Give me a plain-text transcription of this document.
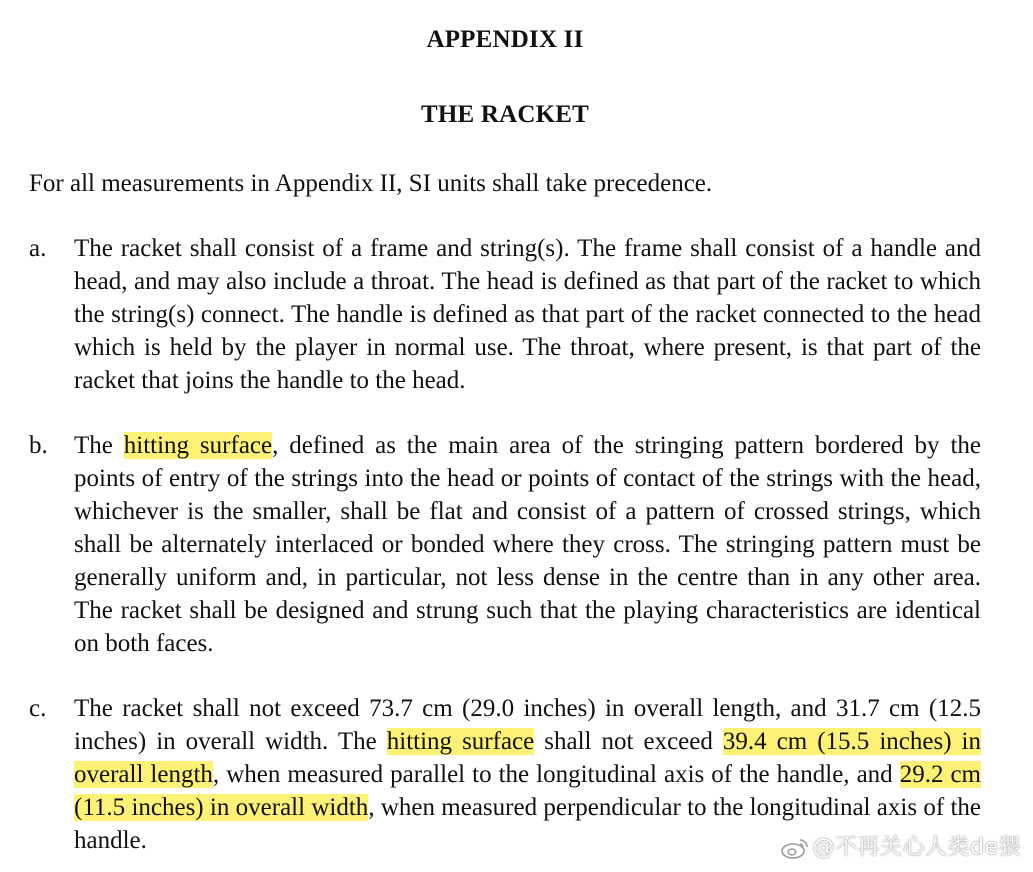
APPENDIX II
THE RACKET
For all measurements in Appendix II, SI units shall take precedence.
a. The racket shall consist of a frame and string(s). The frame shall consist of a handle and head, and may also include a throat. The head is defined as that part of the racket to which the string(s) connect. The handle is defined as that part of the racket connected to the head which is held by the player in normal use. The throat, where present, is that part of the racket that joins the handle to the head.
b. The hitting surface, defined as the main area of the stringing pattern bordered by the points of entry of the strings into the head or points of contact of the strings with the head, whichever is the smaller, shall be flat and consist of a pattern of crossed strings, which shall be alternately interlaced or bonded where they cross. The stringing pattern must be generally uniform and, in particular, not less dense in the centre than in any other area. The racket shall be designed and strung such that the playing characteristics are identical on both faces.
c. The racket shall not exceed 73.7 cm (29.0 inches) in overall length, and 31.7 cm (12.5 inches) in overall width. The hitting surface shall not exceed 39.4 cm (15.5 inches) in overall length, when measured parallel to the longitudinal axis of the handle, and 29.2 cm (11.5 inches) in overall width, when measured perpendicular to the longitudinal axis of the handle.	@不再关心人类de猥
